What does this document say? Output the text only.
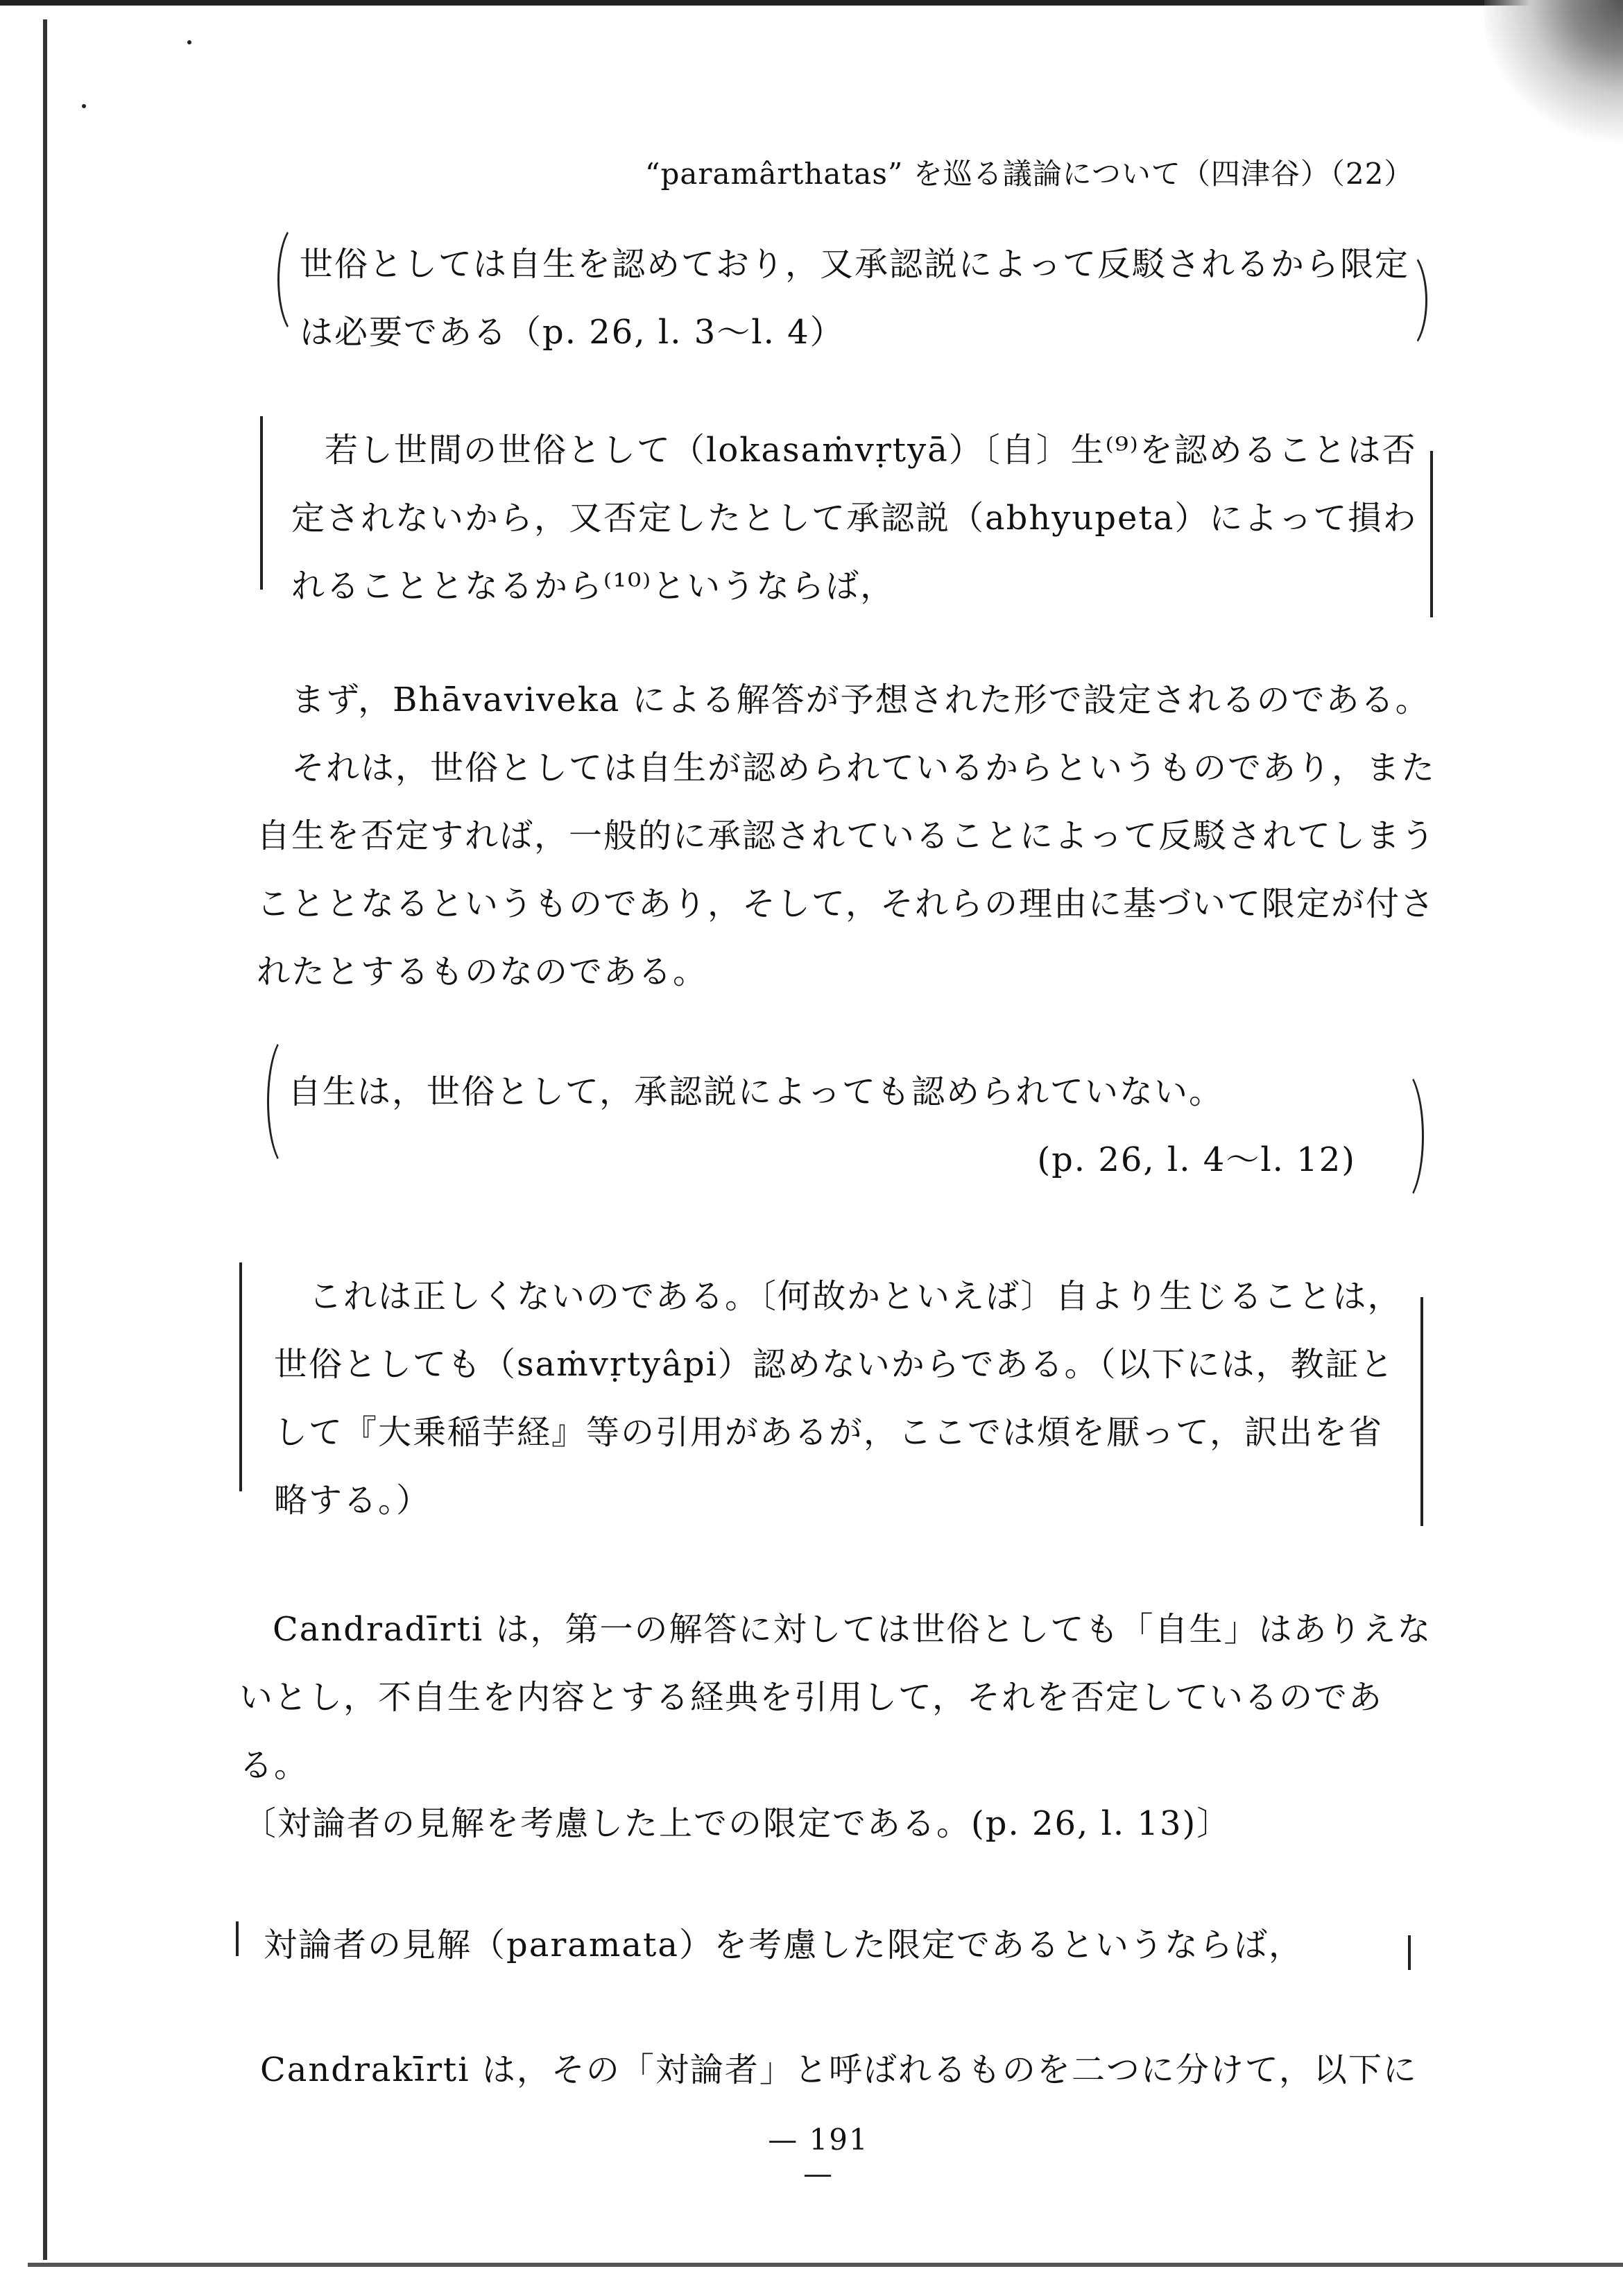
“paramârthatas” を巡る議論について（四津谷）（22）
世俗としては自生を認めており，又承認説によって反駁されるから限定
は必要である（p. 26, l. 3～l. 4）
若し世間の世俗として（lokasaṁvṛtyā）〔自〕生⁽⁹⁾を認めることは否
定されないから，又否定したとして承認説（abhyupeta）によって損わ
れることとなるから⁽¹⁰⁾というならば，
まず，Bhāvaviveka による解答が予想された形で設定されるのである。
それは，世俗としては自生が認められているからというものであり，また
自生を否定すれば，一般的に承認されていることによって反駁されてしまう
こととなるというものであり，そして，それらの理由に基づいて限定が付さ
れたとするものなのである。
自生は，世俗として，承認説によっても認められていない。
(p. 26, l. 4～l. 12)
これは正しくないのである。〔何故かといえば〕自より生じることは，
世俗としても（saṁvṛtyâpi）認めないからである。（以下には，教証と
して『大乗稲芋経』等の引用があるが，ここでは煩を厭って，訳出を省
略する。）
Candradīrti は，第一の解答に対しては世俗としても「自生」はありえな
いとし，不自生を内容とする経典を引用して，それを否定しているのである。
〔対論者の見解を考慮した上での限定である。(p. 26, l. 13)〕
対論者の見解（paramata）を考慮した限定であるというならば，
Candrakīrti は，その「対論者」と呼ばれるものを二つに分けて，以下に
— 191 —
